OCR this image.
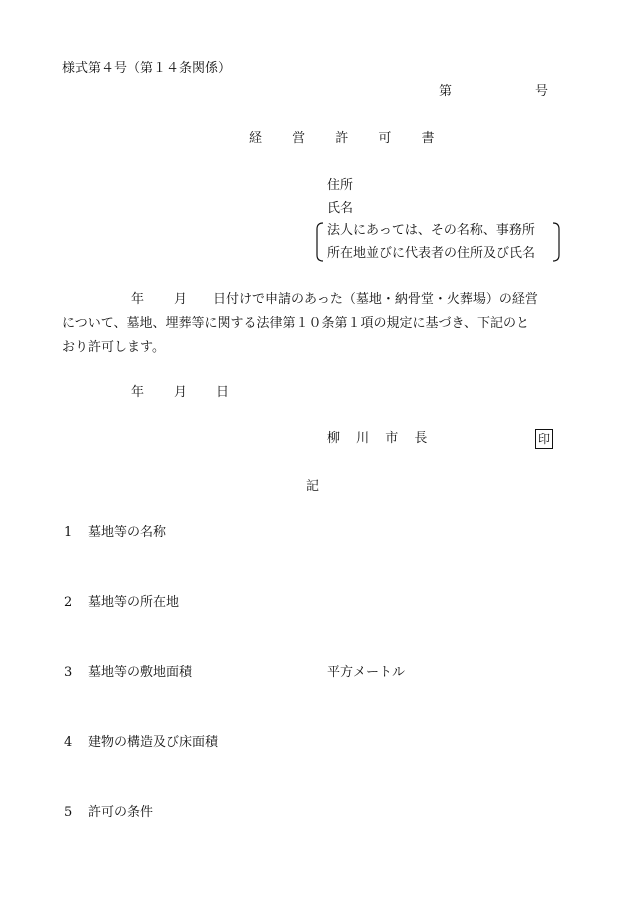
様式第４号（第１４条関係）
第	号
経 営 許 可 書
住所
氏名
法人にあっては、その名称、事務所
所在地並びに代表者の住所及び氏名
年 月 日付けで申請のあった（墓地・納骨堂・火葬場）の経営
について、墓地、埋葬等に関する法律第１０条第１項の規定に基づき、下記のと
おり許可します。
年 月 日
柳 川 市 長	印
記
1 墓地等の名称
2 墓地等の所在地
3 墓地等の敷地面積	平方メートル
4 建物の構造及び床面積
5 許可の条件
